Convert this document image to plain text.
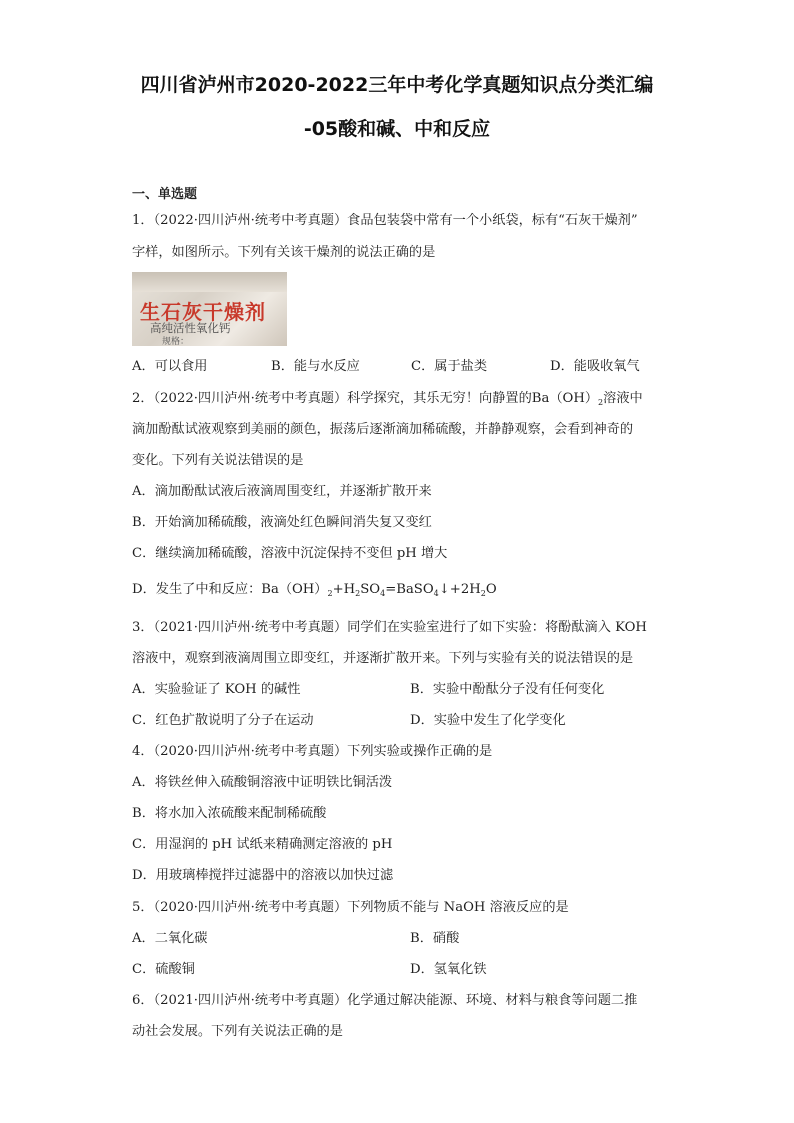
四川省泸州市2020-2022三年中考化学真题知识点分类汇编
-05酸和碱、中和反应
一、单选题
1．（2022·四川泸州·统考中考真题）食品包装袋中常有一个小纸袋，标有“石灰干燥剂”
字样，如图所示。下列有关该干燥剂的说法正确的是
生石灰干燥剂
高纯活性氧化钙
规格：
A．可以食用	B．能与水反应	C．属于盐类	D．能吸收氧气
2．（2022·四川泸州·统考中考真题）科学探究，其乐无穷！向静置的$Ba(OH)_2$溶液中
滴加酚酞试液观察到美丽的颜色，振荡后逐渐滴加稀硫酸，并静静观察，会看到神奇的
变化。下列有关说法错误的是
A．滴加酚酞试液后液滴周围变红，并逐渐扩散开来
B．开始滴加稀硫酸，液滴处红色瞬间消失复又变红
C．继续滴加稀硫酸，溶液中沉淀保持不变但 pH 增大
D．发生了中和反应：$Ba(OH)_2+H_2SO_4=BaSO_4↓+2H_2O$
3．（2021·四川泸州·统考中考真题）同学们在实验室进行了如下实验：将酚酞滴入 KOH
溶液中，观察到液滴周围立即变红，并逐渐扩散开来。下列与实验有关的说法错误的是
A．实验验证了 KOH 的碱性	B．实验中酚酞分子没有任何变化
C．红色扩散说明了分子在运动	D．实验中发生了化学变化
4．（2020·四川泸州·统考中考真题）下列实验或操作正确的是
A．将铁丝伸入硫酸铜溶液中证明铁比铜活泼
B．将水加入浓硫酸来配制稀硫酸
C．用湿润的 pH 试纸来精确测定溶液的 pH
D．用玻璃棒搅拌过滤器中的溶液以加快过滤
5．（2020·四川泸州·统考中考真题）下列物质不能与 NaOH 溶液反应的是
A．二氧化碳	B．硝酸
C．硫酸铜	D．氢氧化铁
6．（2021·四川泸州·统考中考真题）化学通过解决能源、环境、材料与粮食等问题二推
动社会发展。下列有关说法正确的是
